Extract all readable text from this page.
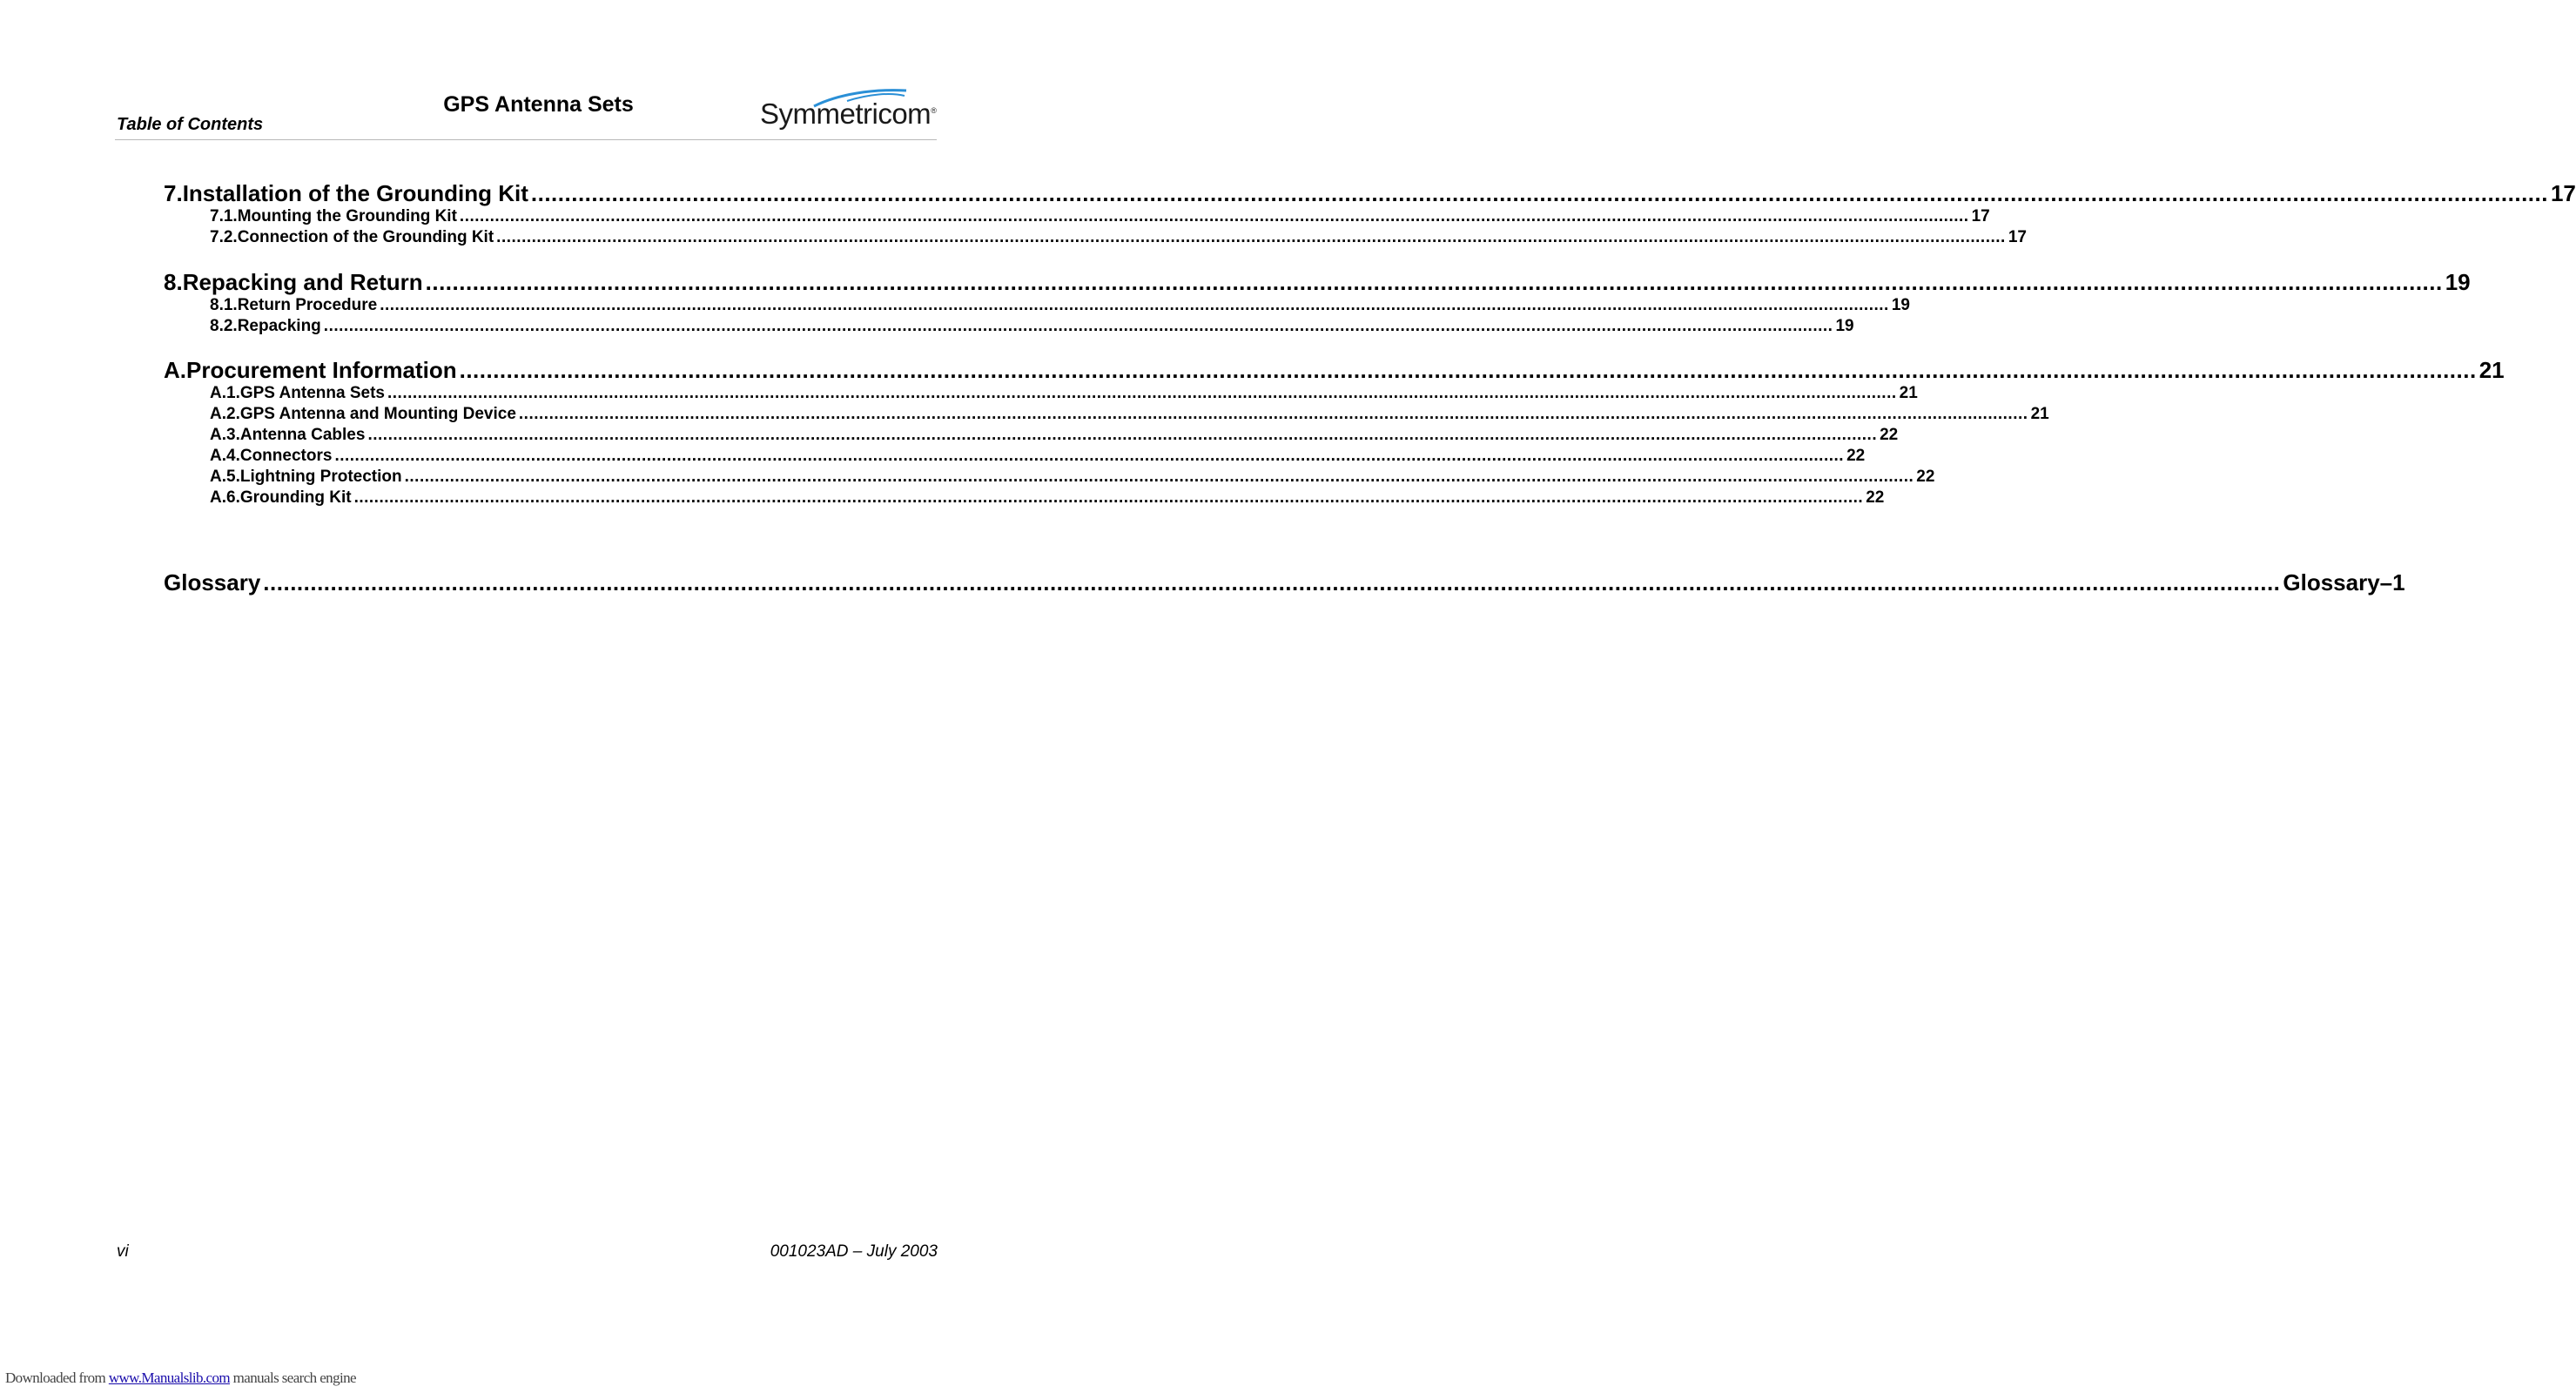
GPS Antenna Sets
Table of Contents	Symmetricom®
7. Installation of the Grounding Kit ............................................................................................................................................................................................................................................................................................................ 17
7.1. Mounting the Grounding Kit ............................................................................................................................................................................................................................................................................................................ 17
7.2. Connection of the Grounding Kit ............................................................................................................................................................................................................................................................................................................ 17
8. Repacking and Return ............................................................................................................................................................................................................................................................................................................ 19
8.1. Return Procedure ............................................................................................................................................................................................................................................................................................................ 19
8.2. Repacking ............................................................................................................................................................................................................................................................................................................ 19
A. Procurement Information ............................................................................................................................................................................................................................................................................................................ 21
A.1. GPS Antenna Sets ............................................................................................................................................................................................................................................................................................................ 21
A.2. GPS Antenna and Mounting Device ............................................................................................................................................................................................................................................................................................................ 21
A.3. Antenna Cables ............................................................................................................................................................................................................................................................................................................ 22
A.4. Connectors ............................................................................................................................................................................................................................................................................................................ 22
A.5. Lightning Protection ............................................................................................................................................................................................................................................................................................................ 22
A.6. Grounding Kit ............................................................................................................................................................................................................................................................................................................ 22
Glossary ............................................................................................................................................................................................................................................................................................................ Glossary–1
vi	001023AD – July 2003
Downloaded from www.Manualslib.com manuals search engine
